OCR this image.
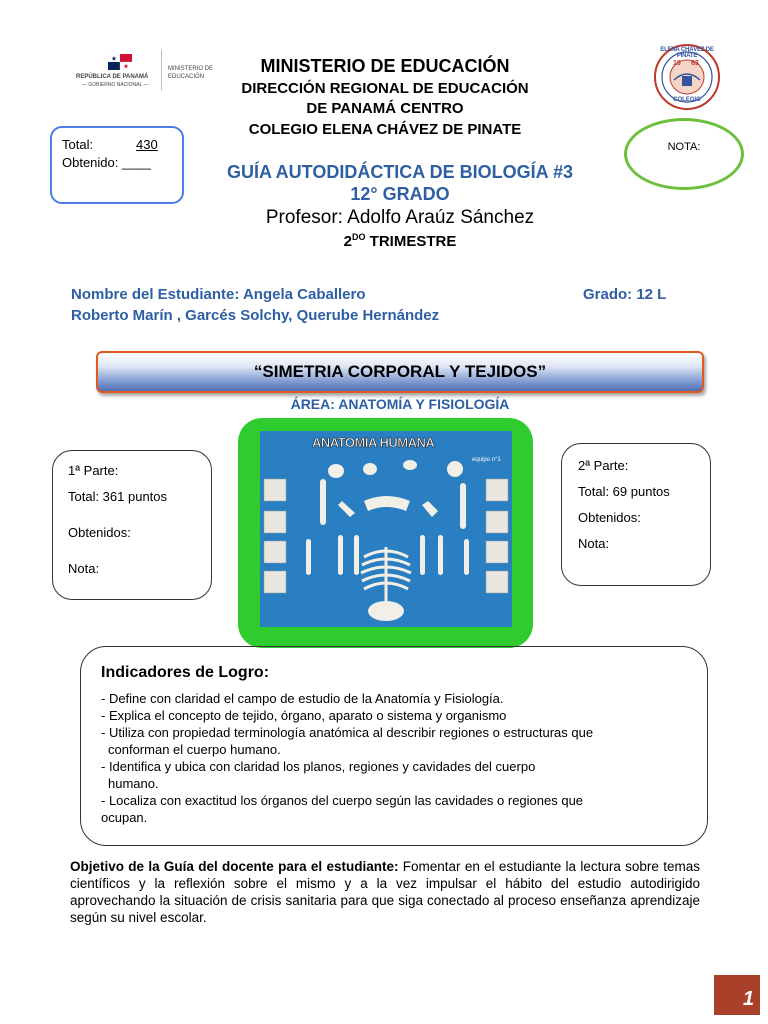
REPÚBLICA DE PANAMÁ
— GOBIERNO NACIONAL —
MINISTERIO DE
EDUCACIÓN
MINISTERIO DE EDUCACIÓN
DIRECCIÓN REGIONAL DE EDUCACIÓN
DE PANAMÁ CENTRO
COLEGIO ELENA CHÁVEZ DE PINATE
ELENA CHÁVEZ DE PINATE
19 63
COLEGIO
Total:	430
Obtenido: ____
NOTA:
GUÍA AUTODIDÁCTICA DE BIOLOGÍA #3
12° GRADO
Profesor: Adolfo Araúz Sánchez
$2^{DO}$ TRIMESTRE
Nombre del Estudiante: Angela Caballero	Grado: 12 L
Roberto Marín , Garcés Solchy, Querube Hernández
“SIMETRIA CORPORAL Y TEJIDOS”
ÁREA: ANATOMÍA Y FISIOLOGÍA
1ª Parte:
Total: 361 puntos
Obtenidos:
Nota:
2ª Parte:
Total: 69 puntos
Obtenidos:
Nota:
ANATOMIA HUMANA
equipo n°1
Indicadores de Logro:
- Define con claridad el campo de estudio de la Anatomía y Fisiología.
- Explica el concepto de tejido, órgano, aparato o sistema y organismo
- Utiliza con propiedad terminología anatómica al describir regiones o estructuras que
conforman el cuerpo humano.
- Identifica y ubica con claridad los planos, regiones y cavidades del cuerpo
humano.
- Localiza con exactitud los órganos del cuerpo según las cavidades o regiones que
ocupan.
Objetivo de la Guía del docente para el estudiante: Fomentar en el estudiante la lectura sobre temas científicos y la reflexión sobre el mismo y a la vez impulsar el hábito del estudio autodirigido aprovechando la situación de crisis sanitaria para que siga conectado al proceso enseñanza aprendizaje según su nivel escolar.
1
